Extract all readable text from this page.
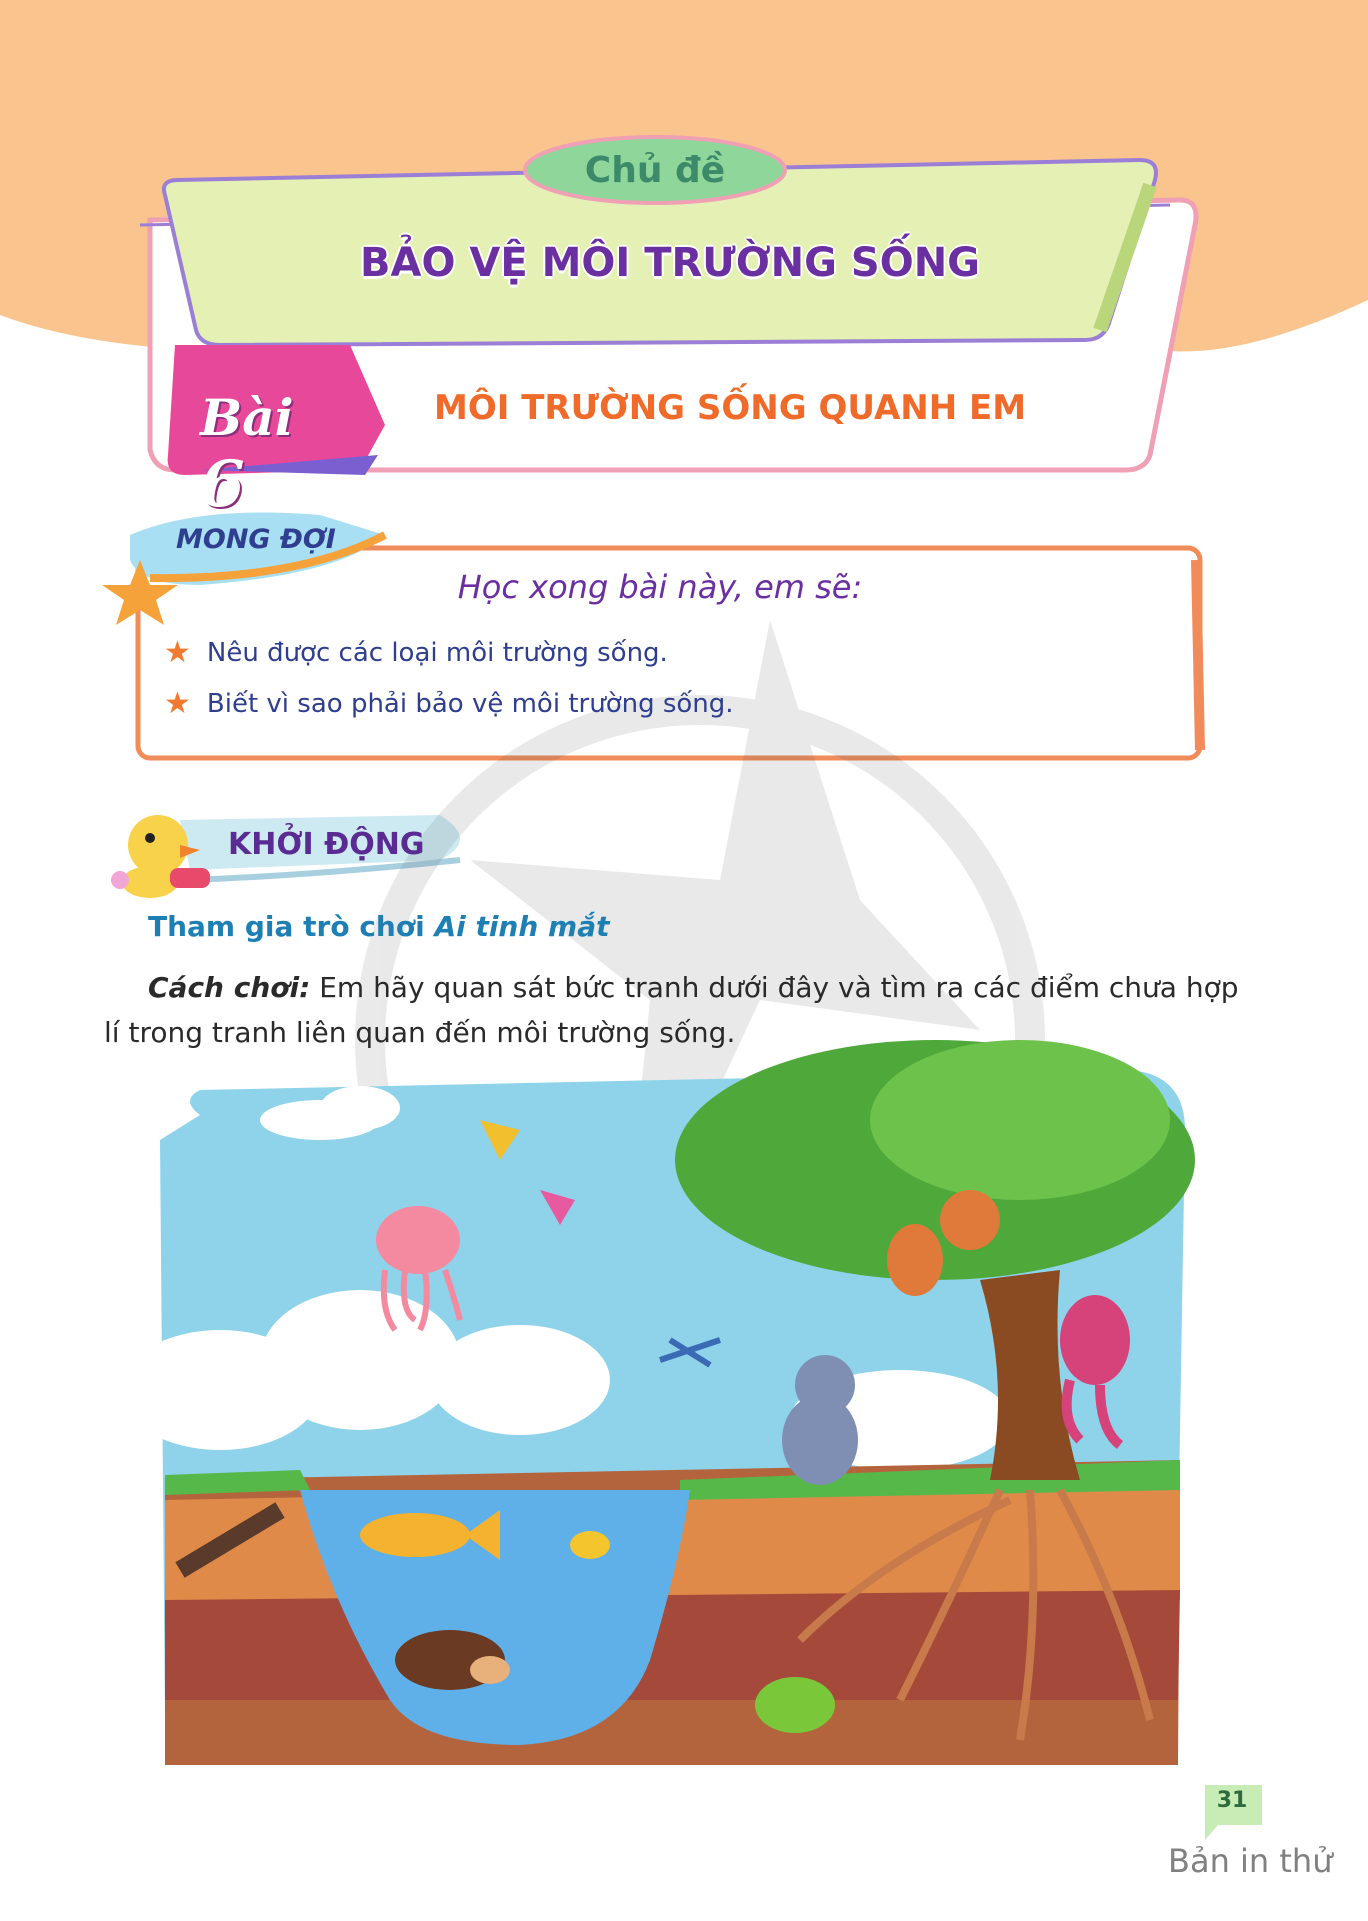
Chủ đề
BẢO VỆ MÔI TRƯỜNG SỐNG
Bài 6
MÔI TRƯỜNG SỐNG QUANH EM
MONG ĐỢI
Học xong bài này, em sẽ:
★ Nêu được các loại môi trường sống.
★ Biết vì sao phải bảo vệ môi trường sống.
KHỞI ĐỘNG
Tham gia trò chơi Ai tinh mắt
Cách chơi: Em hãy quan sát bức tranh dưới đây và tìm ra các điểm chưa hợp lí trong tranh liên quan đến môi trường sống.
31
Bản in thử
